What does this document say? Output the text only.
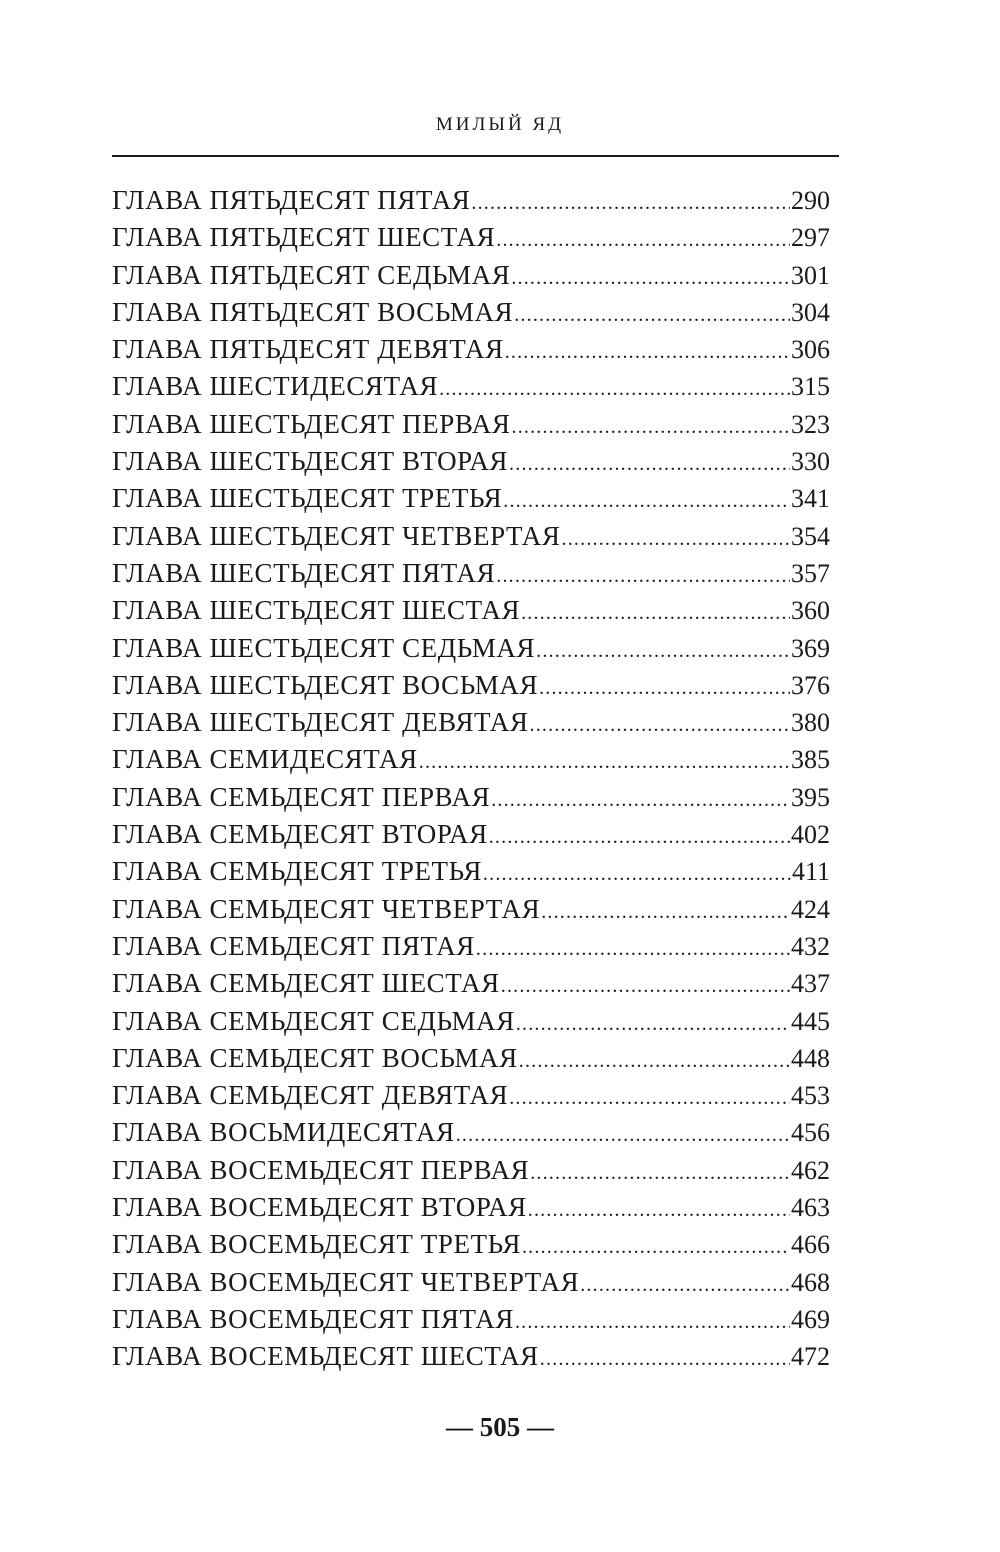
МИЛЫЙ ЯД
ГЛАВА ПЯТЬДЕСЯТ ПЯТАЯ .....	290
ГЛАВА ПЯТЬДЕСЯТ ШЕСТАЯ .....	297
ГЛАВА ПЯТЬДЕСЯТ СЕДЬМАЯ .....	301
ГЛАВА ПЯТЬДЕСЯТ ВОСЬМАЯ .....	304
ГЛАВА ПЯТЬДЕСЯТ ДЕВЯТАЯ .....	306
ГЛАВА ШЕСТИДЕСЯТАЯ .....	315
ГЛАВА ШЕСТЬДЕСЯТ ПЕРВАЯ .....	323
ГЛАВА ШЕСТЬДЕСЯТ ВТОРАЯ .....	330
ГЛАВА ШЕСТЬДЕСЯТ ТРЕТЬЯ .....	341
ГЛАВА ШЕСТЬДЕСЯТ ЧЕТВЕРТАЯ .....	354
ГЛАВА ШЕСТЬДЕСЯТ ПЯТАЯ .....	357
ГЛАВА ШЕСТЬДЕСЯТ ШЕСТАЯ .....	360
ГЛАВА ШЕСТЬДЕСЯТ СЕДЬМАЯ .....	369
ГЛАВА ШЕСТЬДЕСЯТ ВОСЬМАЯ .....	376
ГЛАВА ШЕСТЬДЕСЯТ ДЕВЯТАЯ .....	380
ГЛАВА СЕМИДЕСЯТАЯ .....	385
ГЛАВА СЕМЬДЕСЯТ ПЕРВАЯ .....	395
ГЛАВА СЕМЬДЕСЯТ ВТОРАЯ .....	402
ГЛАВА СЕМЬДЕСЯТ ТРЕТЬЯ .....	411
ГЛАВА СЕМЬДЕСЯТ ЧЕТВЕРТАЯ .....	424
ГЛАВА СЕМЬДЕСЯТ ПЯТАЯ .....	432
ГЛАВА СЕМЬДЕСЯТ ШЕСТАЯ .....	437
ГЛАВА СЕМЬДЕСЯТ СЕДЬМАЯ .....	445
ГЛАВА СЕМЬДЕСЯТ ВОСЬМАЯ .....	448
ГЛАВА СЕМЬДЕСЯТ ДЕВЯТАЯ .....	453
ГЛАВА ВОСЬМИДЕСЯТАЯ .....	456
ГЛАВА ВОСЕМЬДЕСЯТ ПЕРВАЯ .....	462
ГЛАВА ВОСЕМЬДЕСЯТ ВТОРАЯ .....	463
ГЛАВА ВОСЕМЬДЕСЯТ ТРЕТЬЯ .....	466
ГЛАВА ВОСЕМЬДЕСЯТ ЧЕТВЕРТАЯ .....	468
ГЛАВА ВОСЕМЬДЕСЯТ ПЯТАЯ .....	469
ГЛАВА ВОСЕМЬДЕСЯТ ШЕСТАЯ .....	472
— 505 —
